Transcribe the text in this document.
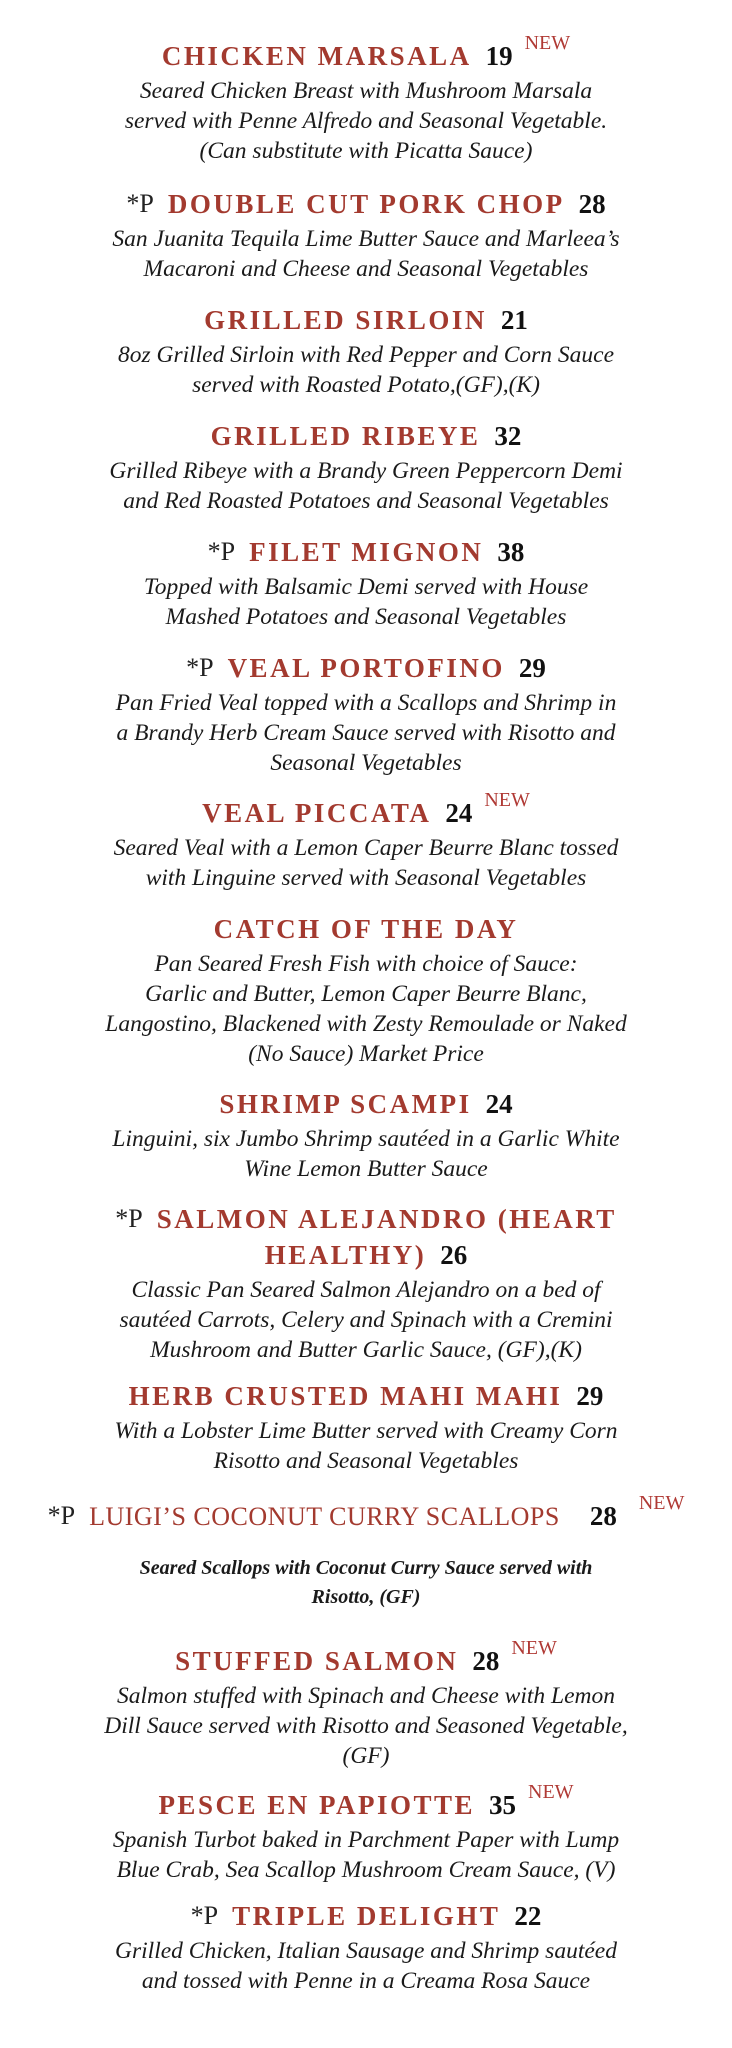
CHICKEN MARSALA 19 NEW
Seared Chicken Breast with Mushroom Marsala
served with Penne Alfredo and Seasonal Vegetable.
(Can substitute with Picatta Sauce)
*P DOUBLE CUT PORK CHOP 28
San Juanita Tequila Lime Butter Sauce and Marleea’s
Macaroni and Cheese and Seasonal Vegetables
GRILLED SIRLOIN 21
8oz Grilled Sirloin with Red Pepper and Corn Sauce
served with Roasted Potato,(GF),(K)
GRILLED RIBEYE 32
Grilled Ribeye with a Brandy Green Peppercorn Demi
and Red Roasted Potatoes and Seasonal Vegetables
*P FILET MIGNON 38
Topped with Balsamic Demi served with House
Mashed Potatoes and Seasonal Vegetables
*P VEAL PORTOFINO 29
Pan Fried Veal topped with a Scallops and Shrimp in
a Brandy Herb Cream Sauce served with Risotto and
Seasonal Vegetables
VEAL PICCATA 24 NEW
Seared Veal with a Lemon Caper Beurre Blanc tossed
with Linguine served with Seasonal Vegetables
CATCH OF THE DAY
Pan Seared Fresh Fish with choice of Sauce:
Garlic and Butter, Lemon Caper Beurre Blanc,
Langostino, Blackened with Zesty Remoulade or Naked
(No Sauce) Market Price
SHRIMP SCAMPI 24
Linguini, six Jumbo Shrimp sautéed in a Garlic White
Wine Lemon Butter Sauce
*P SALMON ALEJANDRO (HEART
HEALTHY) 26
Classic Pan Seared Salmon Alejandro on a bed of
sautéed Carrots, Celery and Spinach with a Cremini
Mushroom and Butter Garlic Sauce, (GF),(K)
HERB CRUSTED MAHI MAHI 29
With a Lobster Lime Butter served with Creamy Corn
Risotto and Seasonal Vegetables
*P LUIGI’S COCONUT CURRY SCALLOPS 28 NEW
Seared Scallops with Coconut Curry Sauce served with
Risotto, (GF)
STUFFED SALMON 28 NEW
Salmon stuffed with Spinach and Cheese with Lemon
Dill Sauce served with Risotto and Seasoned Vegetable,
(GF)
PESCE EN PAPIOTTE 35 NEW
Spanish Turbot baked in Parchment Paper with Lump
Blue Crab, Sea Scallop Mushroom Cream Sauce, (V)
*P TRIPLE DELIGHT 22
Grilled Chicken, Italian Sausage and Shrimp sautéed
and tossed with Penne in a Creama Rosa Sauce
